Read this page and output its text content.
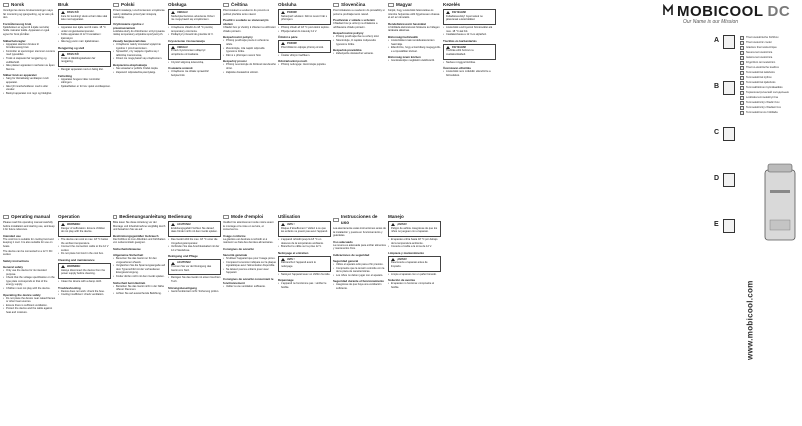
Norsk

Vennligst les denne bruksanvisningen nøye før montering og igangsetting, og ta vare på den.

Formålsmessig bruk

Kjøleboksen er egnet til å kjøle ned eller holde matvarer kalde. Apparatet er også egnet for bruk på båter.

Sikkerhetsregler
• Apparatet skal kun brukes til formålsmessig bruk.
• Kontroller at spenningen stemmer overens med typeskiltet.
• Trekk ut støpselet før rengjøring og vedlikehold.
• Ikke plasser apparatet i nærheten av åpen flamme.
Sikker bruk av apparatet
• Sørg for tilstrekkelig ventilasjon rundt apparatet.
• Ikke fyll innerbeholderen med is eller væsker.
• Beskytt apparatet mot regn og fuktighet.
Bruk
PASS PÅ!

Fare for kvelning! Husk at barn ikke skal leke med apparatet.

• Apparatet kan kjøle ned til maks. 18 °C under omgivelsestemperatur.
• Koble apparatet til 12 V kontakten i kjøretøyet.
• Ikke legg varm mat i kjøleboksen.
Rengjøring og stell
PASS PÅ!

Trekk ut tilkoblingskabelen før rengjøring.

• Rengjør apparatet med en fuktig klut.
Feilretting
• Apparatet fungerer ikke: kontroller sikringen.
• Kjøleeffekten er for lav: sjekk ventilasjonen.
Polski

Przed instalacją i uruchomieniem urządzenia należy dokładnie przeczytać niniejszą instrukcję.

Użytkowanie zgodne z przeznaczeniem

Lodówka służy do chłodzenia i utrzymywania niskiej temperatury artykułów spożywczych.

Zasady bezpieczeństwa
• Urządzenie należy stosować wyłącznie zgodnie z przeznaczeniem.
• Sprawdzić, czy napięcie zgadza się z tabliczką znamionową.
• Dzieci nie mogą bawić się urządzeniem.
Bezpieczna eksploatacja
• Nie ustawiać w pobliżu źródeł ciepła.
• Zapewnić odpowiednią wentylację.
Obsługa
UWAGA!

Niebezpieczeństwo uduszenia. Dzieci nie mogą bawić się urządzeniem.

• Urządzenie chłodzi do 18 °C poniżej temperatury otoczenia.
• Podłączyć przewód do gniazda 12 V.
Czyszczenie i konserwacja
UWAGA!

Przed czyszczeniem odłączyć urządzenie od zasilania.

• Czyścić wilgotną ściereczką.
Usuwanie usterek
• Urządzenie nie działa: sprawdzić bezpiecznik.
Čeština

Před instalací a uvedením do provozu si pečlivě přečtěte tento návod.

Použití v souladu se stanoveným účelem

Chladicí box je vhodný k chlazení a udržování chladu potravin.

Bezpečnostní pokyny
• Přístroj používejte pouze k určenému účelu.
• Zkontrolujte, zda napětí odpovídá typovému štítku.
• Děti si s přístrojem nesmí hrát.
Bezpečný provoz
• Přístroj neumísťujte do blízkosti otevřeného ohně.
• Zajistěte dostatečné větrání.
Obsluha
POZOR!

Nebezpečí udušení. Děti si nesmí hrát s přístrojem.

• Přístroj chladí až 18 °C pod okolní teplotu.
• Připojte kabel do zásuvky 12 V.
Čištění a péče
POZOR!

Před čištěním odpojte přístroj od sítě.

• Čistěte vlhkým hadříkem.
Odstraňování poruch
• Přístroj nefunguje: zkontrolujte pojistku.
Slovenčina

Pred inštaláciou a uvedením do prevádzky si pozorne prečítajte tento návod.

Používanie v súlade s určením

Chladiaci box je určený na chladenie a udržiavanie chladu potravín.

Bezpečnostné pokyny
• Prístroj používajte iba na určený účel.
• Skontrolujte, či napätie zodpovedá typovému štítku.
Bezpečná prevádzka
• Zabezpečte dostatočné vetranie.
Magyar

Kérjük, hogy a készülék felszerelése és üzembe helyezése előtt figyelmesen olvassa el ezt az útmutatót.

Rendeltetésszerű használat

A hűtőláda élelmiszerek hűtésére és hidegen tartására alkalmas.

Biztonsági tudnivalók
• A készüléket csak rendeltetésszerűen használja.
• Ellenőrizze, hogy a feszültség megegyezik-e a típustáblán lévővel.
Biztonság üzem közben
• Gondoskodjon megfelelő szellőzésről.
Kezelés
FIGYELEM!

Fulladásveszély! Gyermekek ne játsszanak a készülékkel.

• A készülék a környezeti hőmérséklet alá max. 18 °C-kal hűt.
• Csatlakoztassa a 12 V-os aljzathoz.
Tisztítás és karbantartás
FIGYELEM!

Tisztítás előtt húzza ki a csatlakozókábelt.

• Nedves ronggyal tisztítsa.
Üzemzavar-elhárítás
• A készülék nem működik: ellenőrizze a biztosítékot.
Operating manual

Please read this operating manual carefully before installation and starting use, and keep it for future reference.

Intended use

The cool box is suitable for cooling food and keeping it cool. It is also suitable for use on boats.

The device can be connected to a 12 V DC socket.

Safety instructions
General safety
• Only use the device for its intended purpose.
• Check that the voltage specification on the type plate corresponds to that of the energy supply.
• Children must not play with the device.
Operating the device safely
• Do not place the device near naked flames or other heat sources.
• Ensure there is sufficient ventilation.
• Protect the device and the cable against heat and moisture.
Operation
WARNING!

Danger of suffocation. Ensure children do not play with the device.

• The device can cool to max. 18 °C below the ambient temperature.
• Connect the connection cable to the 12 V socket.
• Do not place hot food in the cool box.
Cleaning and maintenance
WARNING!

Always disconnect the device from the power supply before cleaning.

• Clean the device with a damp cloth.
Troubleshooting
• Device does not work: check the fuse.
• Cooling insufficient: check ventilation.
Bedienungsanleitung

Bitte lesen Sie diese Anleitung vor der Montage und Inbetriebnahme sorgfältig durch und bewahren Sie sie auf.

Bestimmungsgemäßer Gebrauch

Die Kühlbox ist zum Abkühlen und Kühlhalten von Lebensmitteln geeignet.

Sicherheitshinweise
Allgemeine Sicherheit
• Benutzen Sie das Gerät nur für den vorgesehenen Zweck.
• Vergleichen Sie die Spannungsangabe auf dem Typenschild mit der vorhandenen Energieversorgung.
• Kinder dürfen nicht mit dem Gerät spielen.
Sicherheit beim Betrieb
• Betreiben Sie das Gerät nicht in der Nähe offener Flammen.
• Achten Sie auf ausreichende Belüftung.
Bedienung
ACHTUNG!

Erstickungsgefahr! Achten Sie darauf, dass Kinder nicht mit dem Gerät spielen.

• Das Gerät kühlt bis max. 18 °C unter die Umgebungstemperatur.
• Verbinden Sie das Anschlusskabel mit der 12-V-Steckdose.
Reinigung und Pflege
ACHTUNG!

Trennen Sie vor der Reinigung das Gerät vom Netz.

• Reinigen Sie das Gerät mit einem feuchten Tuch.
Störungsbeseitigung
• Gerät funktioniert nicht: Sicherung prüfen.
Mode d’emploi

Veuillez lire attentivement cette notice avant le montage et la mise en service, et conservez-la.

Usage conforme

La glacière est destinée à refroidir et à maintenir au frais des denrées alimentaires.

Consignes de sécurité
Sécurité générale
• N’utilisez l’appareil que pour l’usage prévu.
• Comparez la tension indiquée sur la plaque signalétique avec l’alimentation disponible.
• Ne laissez pas les enfants jouer avec l’appareil.
Consignes de sécurité concernant le fonctionnement
• Veillez à une ventilation suffisante.
Utilisation
AVIS !

Risque d’étouffement ! Veillez à ce que les enfants ne jouent pas avec l’appareil.

• L’appareil refroidit jusqu’à 18 °C en dessous de la température ambiante.
• Branchez le câble sur la prise 12 V.
Nettoyage et entretien
AVIS !

Débranchez l’appareil avant le nettoyage.

• Nettoyez l’appareil avec un chiffon humide.
Dépannage
• L’appareil ne fonctionne pas : vérifiez le fusible.
Instrucciones de uso

Lea atentamente estas instrucciones antes de la instalación y puesta en funcionamiento y guárdelas.

Uso adecuado

La nevera es adecuada para enfriar alimentos y mantenerlos fríos.

Indicaciones de seguridad
Seguridad general
• Utilice el aparato sólo para el fin previsto.
• Compruebe que la tensión coincide con la de la placa de características.
• Los niños no deben jugar con el aparato.
Seguridad durante el funcionamiento
• Asegúrese de que haya una ventilación suficiente.
Manejo
¡AVISO!

Peligro de asfixia. Asegúrese de que los niños no jueguen con el aparato.

• El aparato enfría hasta 18 °C por debajo de la temperatura ambiente.
• Conecte el cable a la toma de 12 V.
Limpieza y mantenimiento
¡AVISO!

Desconecte el aparato antes de limpiarlo.

• Limpie el aparato con un paño húmedo.
Solución de averías
• El aparato no funciona: compruebe el fusible.
MOBICOOL DC
Our Name is our Mission
A
B
C
D
E
Thermoelektrische Kühlbox
Thermoelectric cooler
Glacière thermoélectrique
Nevera termoeléctrica
Geleira termoeléctrica
Frigorifero termoelettrico
Thermo-elektrische koelbox
Termoelektrisk køleboks
Termoelektrisk kylbox
Termoelektrisk kjøleboks
Termosähköinen kylmälaatikko
Термоэлектрический холодильник
Lodówka termoelektryczna
Termoelektrický chladicí box
Termoelektrický chladiaci box
Termoelektromos hűtőláda
www.mobicool.com
